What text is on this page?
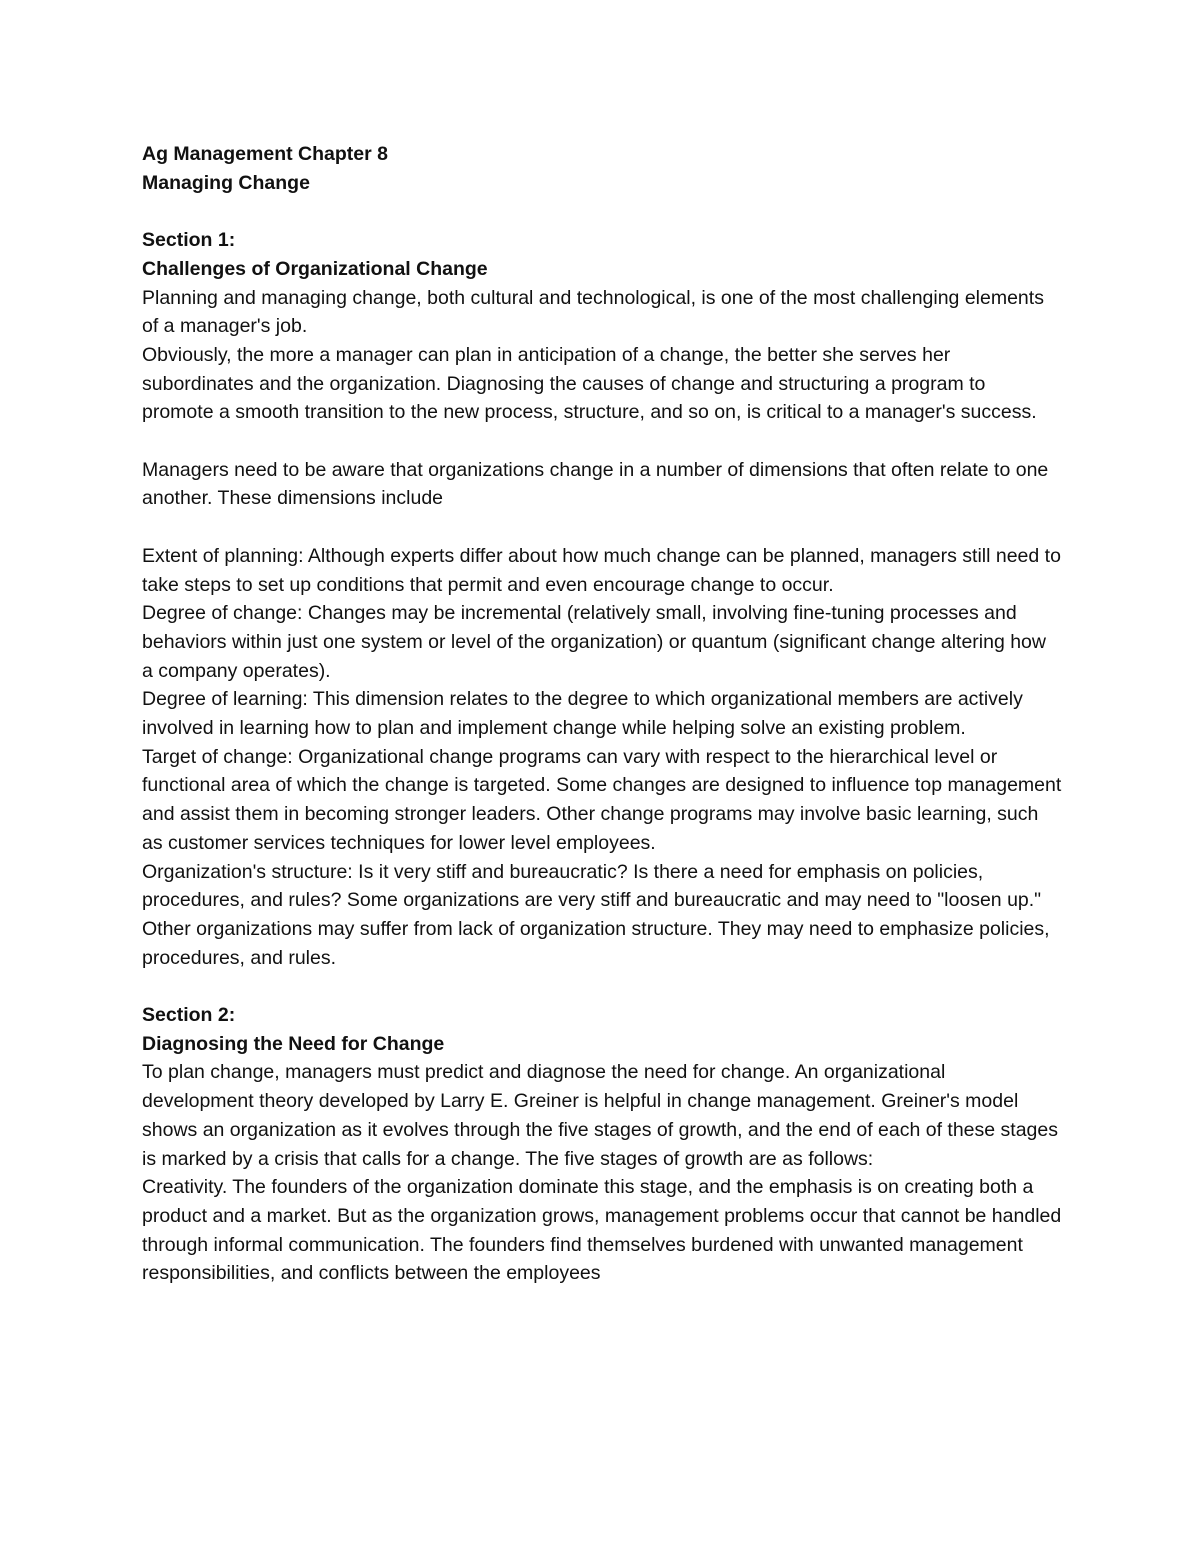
Ag Management Chapter 8

Managing Change

Section 1:

Challenges of Organizational Change

Planning and managing change, both cultural and technological, is one of the most challenging elements of a manager's job.

Obviously, the more a manager can plan in anticipation of a change, the better she serves her subordinates and the organization. Diagnosing the causes of change and structuring a program to promote a smooth transition to the new process, structure, and so on, is critical to a manager's success.

Managers need to be aware that organizations change in a number of dimensions that often relate to one another. These dimensions include

Extent of planning: Although experts differ about how much change can be planned, managers still need to take steps to set up conditions that permit and even encourage change to occur.

Degree of change: Changes may be incremental (relatively small, involving fine-tuning processes and behaviors within just one system or level of the organization) or quantum (significant change altering how a company operates).

Degree of learning: This dimension relates to the degree to which organizational members are actively involved in learning how to plan and implement change while helping solve an existing problem.

Target of change: Organizational change programs can vary with respect to the hierarchical level or functional area of which the change is targeted. Some changes are designed to influence top management and assist them in becoming stronger leaders. Other change programs may involve basic learning, such as customer services techniques for lower level employees.

Organization's structure: Is it very stiff and bureaucratic? Is there a need for emphasis on policies, procedures, and rules? Some organizations are very stiff and bureaucratic and may need to "loosen up." Other organizations may suffer from lack of organization structure. They may need to emphasize policies, procedures, and rules.

Section 2:

Diagnosing the Need for Change

To plan change, managers must predict and diagnose the need for change. An organizational development theory developed by Larry E. Greiner is helpful in change management. Greiner's model shows an organization as it evolves through the five stages of growth, and the end of each of these stages is marked by a crisis that calls for a change. The five stages of growth are as follows:

Creativity. The founders of the organization dominate this stage, and the emphasis is on creating both a product and a market. But as the organization grows, management problems occur that cannot be handled through informal communication. The founders find themselves burdened with unwanted management responsibilities, and conflicts between the employees
